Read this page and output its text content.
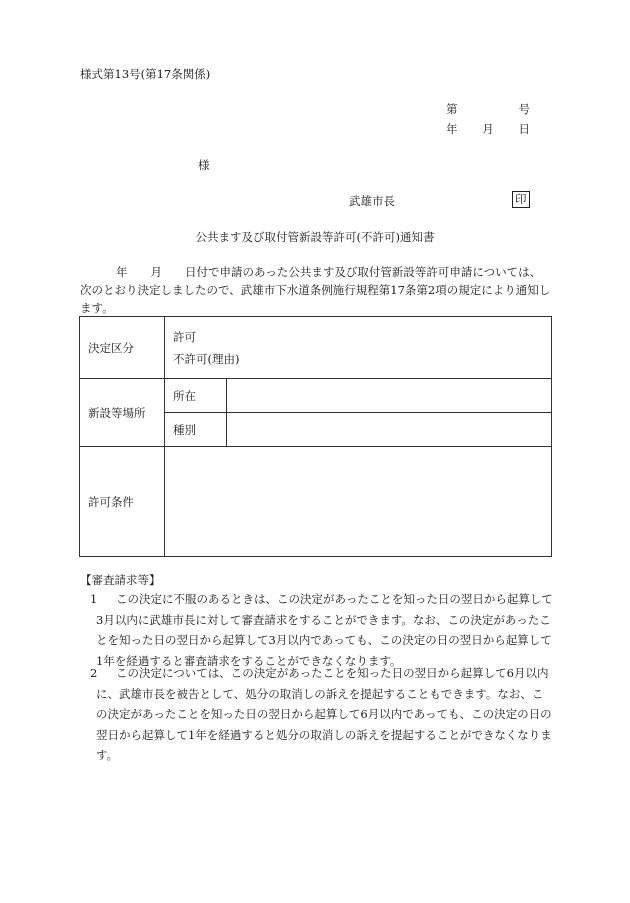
様式第13号(第17条関係)
第	号
年 月 日
様
武雄市長	印
公共ます及び取付管新設等許可(不許可)通知書
年　　月　　日付で申請のあった公共ます及び取付管新設等許可申請については、
次のとおり決定しましたので、武雄市下水道条例施行規程第17条第2項の規定により通知します。
決定区分	許可
不許可(理由)	

新設等場所	所在	
	種別	
許可条件		
【審査請求等】
1	この決定に不服のあるときは、この決定があったことを知った日の翌日から起算して3月以内に武雄市長に対して審査請求をすることができます。なお、この決定があったことを知った日の翌日から起算して3月以内であっても、この決定の日の翌日から起算して1年を経過すると審査請求をすることができなくなります。
2	この決定については、この決定があったことを知った日の翌日から起算して6月以内に、武雄市長を被告として、処分の取消しの訴えを提起することもできます。なお、この決定があったことを知った日の翌日から起算して6月以内であっても、この決定の日の翌日から起算して1年を経過すると処分の取消しの訴えを提起することができなくなります。
